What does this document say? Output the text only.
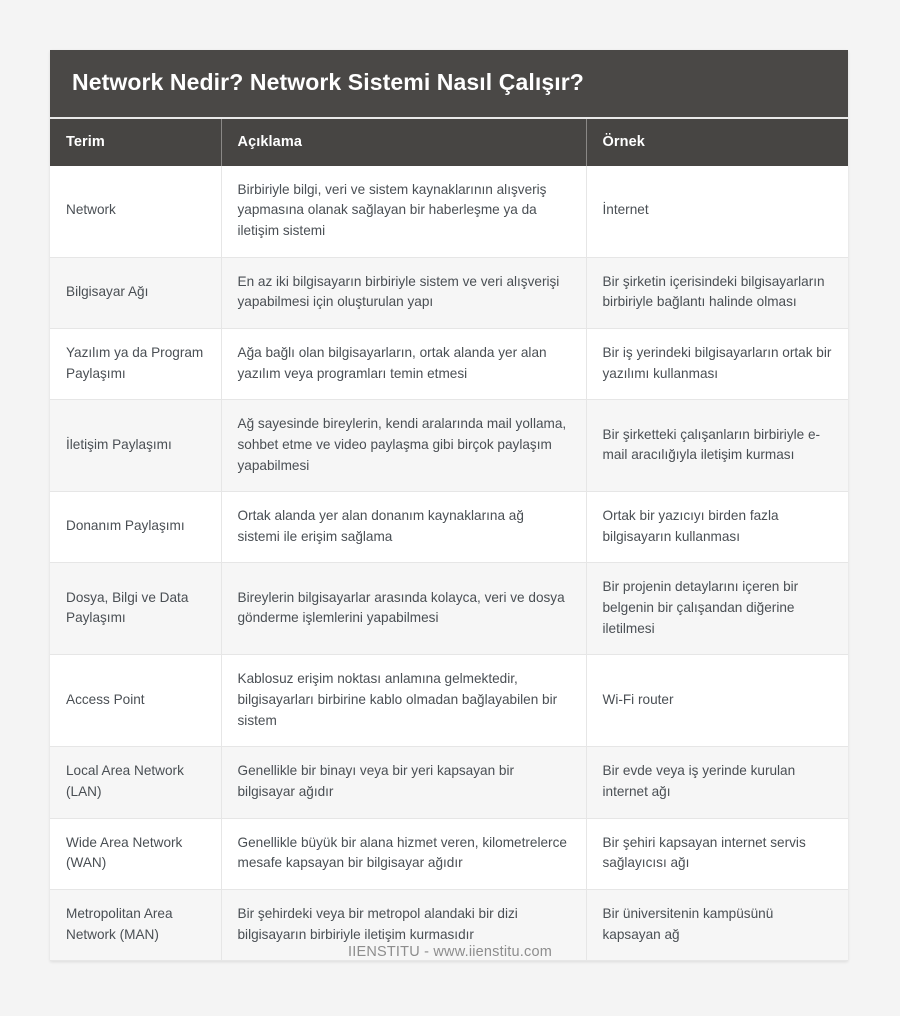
Network Nedir? Network Sistemi Nasıl Çalışır?
Terim	Açıklama	Örnek
Network	Birbiriyle bilgi, veri ve sistem kaynaklarının alışveriş yapmasına olanak sağlayan bir haberleşme ya da iletişim sistemi	İnternet
Bilgisayar Ağı	En az iki bilgisayarın birbiriyle sistem ve veri alışverişi yapabilmesi için oluşturulan yapı	Bir şirketin içerisindeki bilgisayarların birbiriyle bağlantı halinde olması
Yazılım ya da Program Paylaşımı	Ağa bağlı olan bilgisayarların, ortak alanda yer alan yazılım veya programları temin etmesi	Bir iş yerindeki bilgisayarların ortak bir yazılımı kullanması
İletişim Paylaşımı	Ağ sayesinde bireylerin, kendi aralarında mail yollama, sohbet etme ve video paylaşma gibi birçok paylaşım yapabilmesi	Bir şirketteki çalışanların birbiriyle e-mail aracılığıyla iletişim kurması
Donanım Paylaşımı	Ortak alanda yer alan donanım kaynaklarına ağ sistemi ile erişim sağlama	Ortak bir yazıcıyı birden fazla bilgisayarın kullanması
Dosya, Bilgi ve Data Paylaşımı	Bireylerin bilgisayarlar arasında kolayca, veri ve dosya gönderme işlemlerini yapabilmesi	Bir projenin detaylarını içeren bir belgenin bir çalışandan diğerine iletilmesi
Access Point	Kablosuz erişim noktası anlamına gelmektedir, bilgisayarları birbirine kablo olmadan bağlayabilen bir sistem	Wi-Fi router
Local Area Network (LAN)	Genellikle bir binayı veya bir yeri kapsayan bir bilgisayar ağıdır	Bir evde veya iş yerinde kurulan internet ağı
Wide Area Network (WAN)	Genellikle büyük bir alana hizmet veren, kilometrelerce mesafe kapsayan bir bilgisayar ağıdır	Bir şehiri kapsayan internet servis sağlayıcısı ağı
Metropolitan Area Network (MAN)	Bir şehirdeki veya bir metropol alandaki bir dizi bilgisayarın birbiriyle iletişim kurmasıdır	Bir üniversitenin kampüsünü kapsayan ağ
IIENSTITU - www.iienstitu.com
